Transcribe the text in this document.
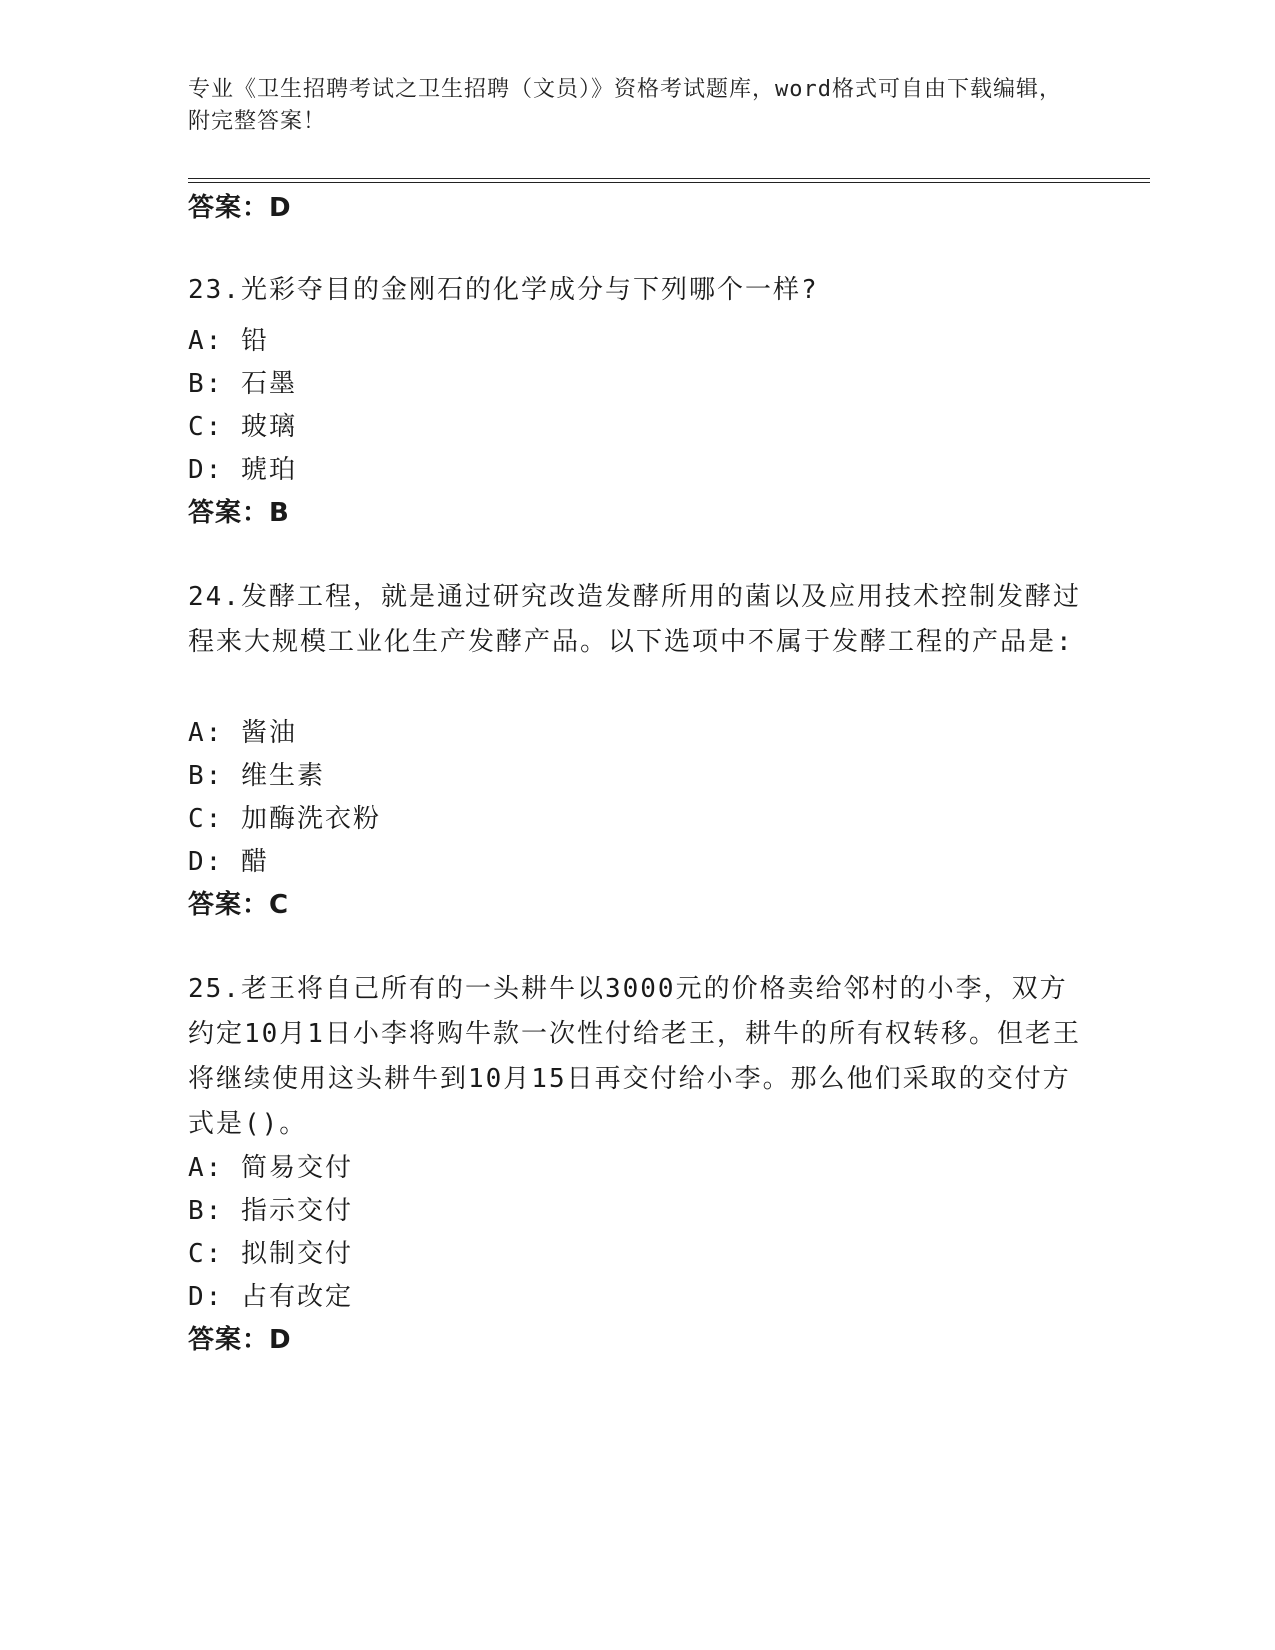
专业《卫生招聘考试之卫生招聘（文员）》资格考试题库，word格式可自由下载编辑，附完整答案！
答案：D
23.光彩夺目的金刚石的化学成分与下列哪个一样?
A: 铅
B: 石墨
C: 玻璃
D: 琥珀
答案：B
24.发酵工程，就是通过研究改造发酵所用的菌以及应用技术控制发酵过程来大规模工业化生产发酵产品。以下选项中不属于发酵工程的产品是:
A: 酱油
B: 维生素
C: 加酶洗衣粉
D: 醋
答案：C
25.老王将自己所有的一头耕牛以3000元的价格卖给邻村的小李，双方约定10月1日小李将购牛款一次性付给老王，耕牛的所有权转移。但老王将继续使用这头耕牛到10月15日再交付给小李。那么他们采取的交付方式是()。
A: 简易交付
B: 指示交付
C: 拟制交付
D: 占有改定
答案：D
